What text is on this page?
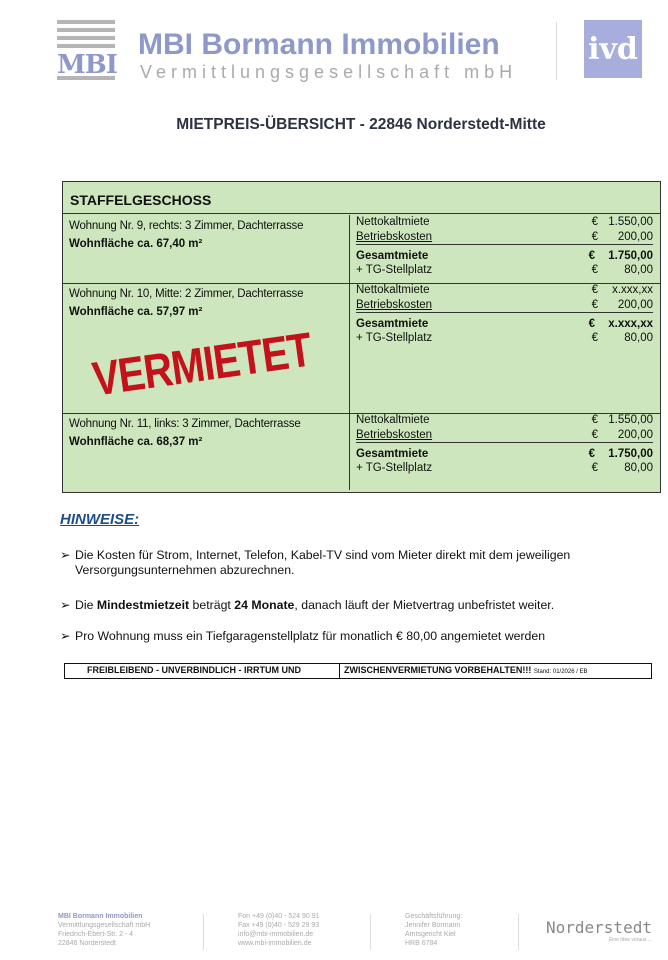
MBI
MBI Bormann Immobilien
Vermittlungsgesellschaft mbH
ivd
MIETPREIS-ÜBERSICHT - 22846 Norderstedt-Mitte
STAFFELGESCHOSS
Wohnung Nr. 9, rechts: 3 Zimmer, Dachterrasse
Wohnfläche ca. 67,40 m²
Nettokaltmiete	€ 1.550,00
Betriebskosten	€ 200,00
Gesamtmiete	€ 1.750,00
+ TG-Stellplatz	€ 80,00
Wohnung Nr. 10, Mitte: 2 Zimmer, Dachterrasse
Wohnfläche ca. 57,97 m²
Nettokaltmiete	€ x.xxx,xx
Betriebskosten	€ 200,00
Gesamtmiete	€ x.xxx,xx
+ TG-Stellplatz	€ 80,00
Wohnung Nr. 11, links: 3 Zimmer, Dachterrasse
Wohnfläche ca. 68,37 m²
Nettokaltmiete	€ 1.550,00
Betriebskosten	€ 200,00
Gesamtmiete	€ 1.750,00
+ TG-Stellplatz	€ 80,00
VERMIETET
HINWEISE:
➢ Die Kosten für Strom, Internet, Telefon, Kabel-TV sind vom Mieter direkt mit dem jeweiligen Versorgungsunternehmen abzurechnen.
➢ Die Mindestmietzeit beträgt 24 Monate, danach läuft der Mietvertrag unbefristet weiter.
➢ Pro Wohnung muss ein Tiefgaragenstellplatz für monatlich € 80,00 angemietet werden
FREIBLEIBEND - UNVERBINDLICH - IRRTUM UND	ZWISCHENVERMIETUNG VORBEHALTEN!!! Stand: 01/2026 / EB
MBI Bormann Immobilien
Vermittlungsgesellschaft mbH
Friedrich-Ebert-Str. 2 - 4
22846 Norderstedt
Fon +49 (0)40 - 524 90 91
Fax +49 (0)40 - 529 29 93
info@mbi-immobilien.de
www.mbi-immobilien.de
Geschäftsführung:
Jennifer Bormann
Amtsgericht Kiel
HRB 6784
Norderstedt
Eine Idee voraus ...
